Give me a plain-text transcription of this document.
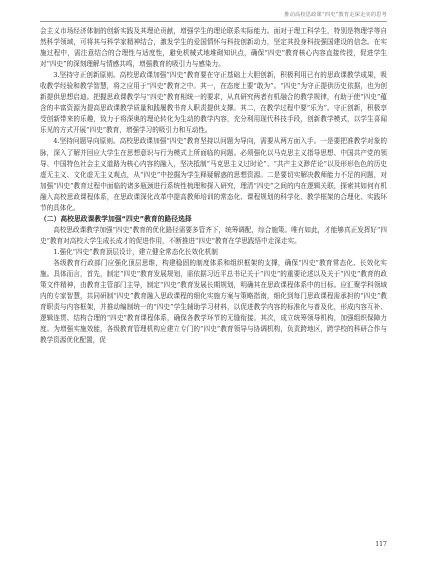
推动高校思政课“四史”教育走深走实的思考

会主义市场经济体制的创新实践及其理论贡献，增强学生的理论联系实际能力。面对于理工科学生，特别是物理学等自然科学领域，可将其与科学家精神结合，激发学生的爱国情怀与科技创新动力，坚定其投身科技强国建设的信念。在实施过程中，需注意结合的合理性与适度性，避免机械式地堆砌知识点，确保“四史”教育核心内容直接传授，促进学生对“四史”的深刻理解与情感共鸣，增强教育的吸引力与感染力。

3.坚持守正创新原则。高校思政课加强“四史”教育要在守正基础上大胆创新，积极利用已有的思政课教学成果，吸收教学经验和教学智慧，将之应用于“四史”教育之中。其一，在态度上要“敢为”。“四史”为守正提供历史依据，也为创新提供思想启迪。把握思政课教学与“四史”教育相统一的要求，从真研究两者有机融合的教学规律，有助于使“四史”蕴含的丰富资源为提高思政课教学质量和践履教书育人职责提供支撑。其二，在教学过程中要“乐为”。守正创新，积极享受创新带来的乐趣，致力于将深奥的理论转化为生动的教学内容，充分利用现代科技手段，创新教学模式，以学生喜闻乐见的方式开展“四史”教育，增强学习的吸引力和互动性。

4.坚持问题导向原则。高校思政课加强“四史”教育坚持以问题为导向，需要从两方面入手。一是要把准教学对象的脉，深入了解并回应大学生在思想意识与行为模式上所面临的问题。必须强化以马克思主义指导思想、中国共产党的领导、中国特色社会主义道路为核心内容的融入，坚决抵制“马克思主义过时论”、“共产主义渺茫论”以及形形色色的历史虚无主义、文化虚无主义观点，从“四史”中挖掘为学生释疑解惑的思想资源。二是要切实解决教师能力不足的问题，对加强“四史”教育过程中面临的诸多瓶颈进行系统性梳理和探入研究，理清“四史”之间的内在逻辑关联，探索其如何有机融入高校思政课程体系，在思政课深化改革中提高教师培训的常态化、课程规划的科学化、教学框架的合理化、实践环节的具体化。

（二）高校思政课教学加强“四史”教育的路径选择

高校思政课教学加强“四史”教育的优化路径需要多管齐下，统筹调配，综合施策。唯有如此，才能够真正发挥好“四史”教育对高校大学生成长成才的促进作用，不断推进“四史”教育在学思践悟中走深走实。

1.强化“四史”教育顶层设计，建立健全常态化长效化机制

各级教育行政部门应强化顶层思维，构建稳固的制度体系和组织框架的支撑，确保“四史”教育常态化、长效化实施。具体而言，首先，制定“四史”教育发展规划，需依据习近平总书记关于“四史”的重要论述以及关于“四史”教育的政策文件精神，由教育主管部门主导，制定“四史”教育发展长期规划，明确其在思政课程体系中的目标。应汇聚学科领域内的专家智慧，共同研制“四史”教育融入思政课程的细化实施方案与策略指南，细化到每门思政课程需承担的“四史”教育职责与内容框架，并推动编制统一的“四史”学生辅助学习材料，以促进教学内容的标准化与普及化，形成内容互补、逻辑连贯、结构合理的“四史”教育课程体系，确保各教学环节的无缝衔接。其次，成立统筹领导机构，加强组织保障力度。为增强实施效能，各级教育管理机构应建立专门的“四史”教育领导与协调机构，负责跨地区，跨学校的科研合作与教学资源优化配置，促

117
